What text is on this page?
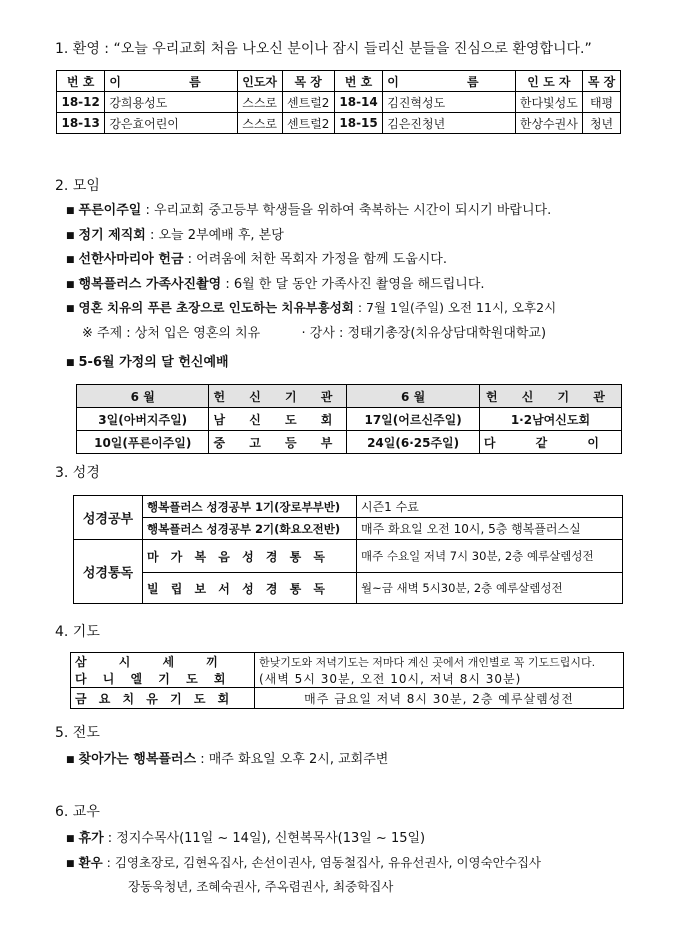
1. 환영 : “오늘 우리교회 처음 나오신 분이나 잠시 들리신 분들을 진심으로 환영합니다.”
번 호	이 름	인도자	목 장	번 호	이 름	인 도 자	목 장
18-12	강희용성도	스스로	센트럴2	18-14	김진혁성도	한다빛성도	태평
18-13	강은효어린이	스스로	센트럴2	18-15	김은진청년	한상수권사	청년
2. 모임
■ 푸른이주일 : 우리교회 중고등부 학생들을 위하여 축복하는 시간이 되시기 바랍니다.
■ 정기 제직회 : 오늘 2부예배 후, 본당
■ 선한사마리아 헌금 : 어려움에 처한 목회자 가정을 함께 도웁시다.
■ 행복플러스 가족사진촬영 : 6월 한 달 동안 가족사진 촬영을 해드립니다.
■ 영혼 치유의 푸른 초장으로 인도하는 치유부흥성회 : 7월 1일(주일) 오전 11시, 오후2시
※ 주제 : 상처 입은 영혼의 치유          · 강사 : 정태기총장(치유상담대학원대학교)
■ 5-6월 가정의 달 헌신예배
6 월	헌 신 기 관	6 월	헌 신 기 관
3일(아버지주일)	남 신 도 회	17일(어르신주일)	1·2남여신도회
10일(푸른이주일)	중 고 등 부	24일(6·25주일)	다 같 이
3. 성경
성경공부	행복플러스 성경공부 1기(장로부부반)	시즌1 수료
	행복플러스 성경공부 2기(화요오전반)	매주 화요일 오전 10시, 5층 행복플러스실
성경통독	마 가 복 음 성 경 통 독	매주 수요일 저녁 7시 30분, 2층 예루살렘성전
	빌 립 보 서 성 경 통 독	월~금 새벽 5시30분, 2층 예루살렘성전
4. 기도
삼 시 세 끼	한낮기도와 저녁기도는 저마다 계신 곳에서 개인별로 꼭 기도드립시다.
다 니 엘 기 도 회	(새벽 5시 30분, 오전 10시, 저녁 8시 30분)
금 요 치 유 기 도 회	매주 금요일 저녁 8시 30분, 2층 예루살렘성전
5. 전도
■ 찾아가는 행복플러스 : 매주 화요일 오후 2시, 교회주변
6. 교우
■ 휴가 : 정지수목사(11일 ~ 14일), 신현복목사(13일 ~ 15일)
■ 환우 : 김영초장로, 김현옥집사, 손선이권사, 염동철집사, 유유선권사, 이영숙안수집사
장동욱청년, 조혜숙권사, 주옥렴권사, 최중학집사
